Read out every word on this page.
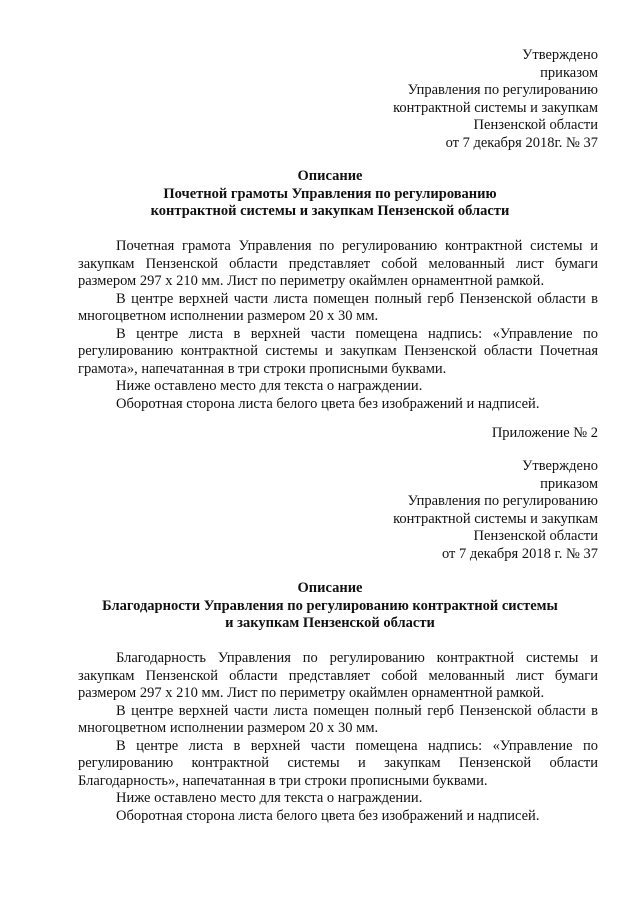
Утверждено
приказом
Управления по регулированию
контрактной системы и закупкам
Пензенской области
от 7 декабря 2018г. № 37
Описание
Почетной грамоты Управления по регулированию
контрактной системы и закупкам Пензенской области

Почетная грамота Управления по регулированию контрактной системы и закупкам Пензенской области представляет собой мелованный лист бумаги размером 297 х 210 мм. Лист по периметру окаймлен орнаментной рамкой.

В центре верхней части листа помещен полный герб Пензенской области в многоцветном исполнении размером 20 х 30 мм.

В центре листа в верхней части помещена надпись: «Управление по регулированию контрактной системы и закупкам Пензенской области Почетная грамота», напечатанная в три строки прописными буквами.

Ниже оставлено место для текста о награждении.

Оборотная сторона листа белого цвета без изображений и надписей.

Приложение № 2
Утверждено
приказом
Управления по регулированию
контрактной системы и закупкам
Пензенской области
от 7 декабря 2018 г. № 37
Описание
Благодарности Управления по регулированию контрактной системы
и закупкам Пензенской области

Благодарность Управления по регулированию контрактной системы и закупкам Пензенской области представляет собой мелованный лист бумаги размером 297 х 210 мм. Лист по периметру окаймлен орнаментной рамкой.

В центре верхней части листа помещен полный герб Пензенской области в многоцветном исполнении размером 20 х 30 мм.

В центре листа в верхней части помещена надпись: «Управление по регулированию контрактной системы и закупкам Пензенской области Благодарность», напечатанная в три строки прописными буквами.

Ниже оставлено место для текста о награждении.

Оборотная сторона листа белого цвета без изображений и надписей.
